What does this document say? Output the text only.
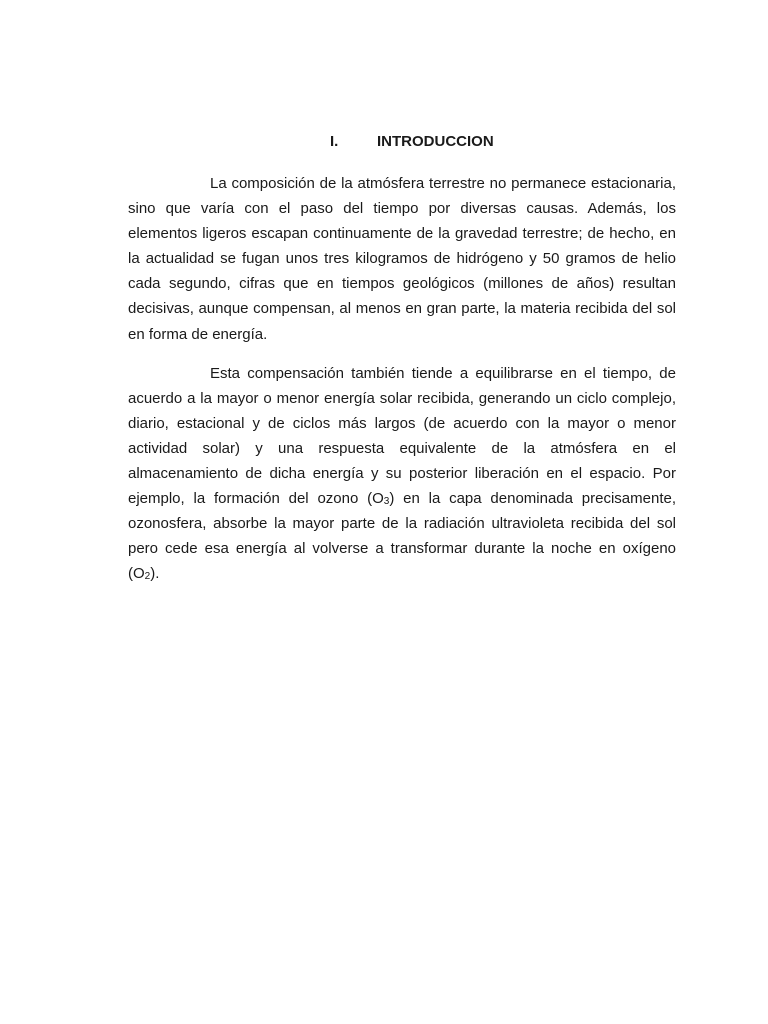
I.	INTRODUCCION

La composición de la atmósfera terrestre no permanece estacionaria, sino que varía con el paso del tiempo por diversas causas. Además, los elementos ligeros escapan continuamente de la gravedad terrestre; de hecho, en la actualidad se fugan unos tres kilogramos de hidrógeno y 50 gramos de helio cada segundo, cifras que en tiempos geológicos (millones de años) resultan decisivas, aunque compensan, al menos en gran parte, la materia recibida del sol en forma de energía.

Esta compensación también tiende a equilibrarse en el tiempo, de acuerdo a la mayor o menor energía solar recibida, generando un ciclo complejo, diario, estacional y de ciclos más largos (de acuerdo con la mayor o menor actividad solar) y una respuesta equivalente de la atmósfera en el almacenamiento de dicha energía y su posterior liberación en el espacio. Por ejemplo, la formación del ozono (O3) en la capa denominada precisamente, ozonosfera, absorbe la mayor parte de la radiación ultravioleta recibida del sol pero cede esa energía al volverse a transformar durante la noche en oxígeno (O2).
